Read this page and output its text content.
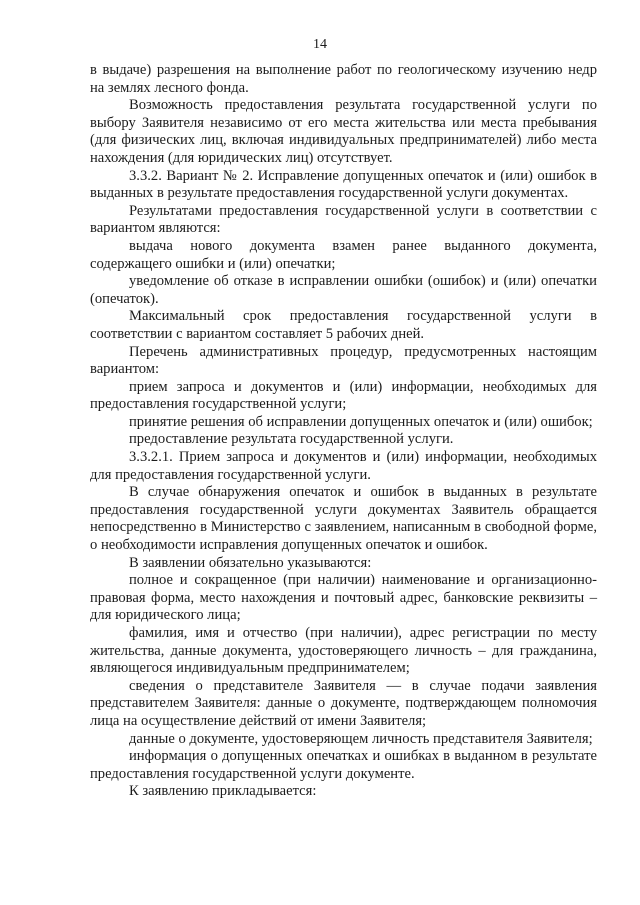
14

в выдаче) разрешения на выполнение работ по геологическому изучению недр на землях лесного фонда.

Возможность предоставления результата государственной услуги по выбору Заявителя независимо от его места жительства или места пребывания (для физических лиц, включая индивидуальных предпринимателей) либо места нахождения (для юридических лиц) отсутствует.

3.3.2. Вариант № 2. Исправление допущенных опечаток и (или) ошибок в выданных в результате предоставления государственной услуги документах.

Результатами предоставления государственной услуги в соответствии с вариантом являются:

выдача нового документа взамен ранее выданного документа, содержащего ошибки и (или) опечатки;

уведомление об отказе в исправлении ошибки (ошибок) и (или) опечатки (опечаток).

Максимальный срок предоставления государственной услуги в соответствии с вариантом составляет 5 рабочих дней.

Перечень административных процедур, предусмотренных настоящим вариантом:

прием запроса и документов и (или) информации, необходимых для предоставления государственной услуги;

принятие решения об исправлении допущенных опечаток и (или) ошибок;

предоставление результата государственной услуги.

3.3.2.1. Прием запроса и документов и (или) информации, необходимых для предоставления государственной услуги.

В случае обнаружения опечаток и ошибок в выданных в результате предоставления государственной услуги документах Заявитель обращается непосредственно в Министерство с заявлением, написанным в свободной форме, о необходимости исправления допущенных опечаток и ошибок.

В заявлении обязательно указываются:

полное и сокращенное (при наличии) наименование и организационно-правовая форма, место нахождения и почтовый адрес, банковские реквизиты – для юридического лица;

фамилия, имя и отчество (при наличии), адрес регистрации по месту жительства, данные документа, удостоверяющего личность – для гражданина, являющегося индивидуальным предпринимателем;

сведения о представителе Заявителя — в случае подачи заявления представителем Заявителя: данные о документе, подтверждающем полномочия лица на осуществление действий от имени Заявителя;

данные о документе, удостоверяющем личность представителя Заявителя;

информация о допущенных опечатках и ошибках в выданном в результате предоставления государственной услуги документе.

К заявлению прикладывается:
